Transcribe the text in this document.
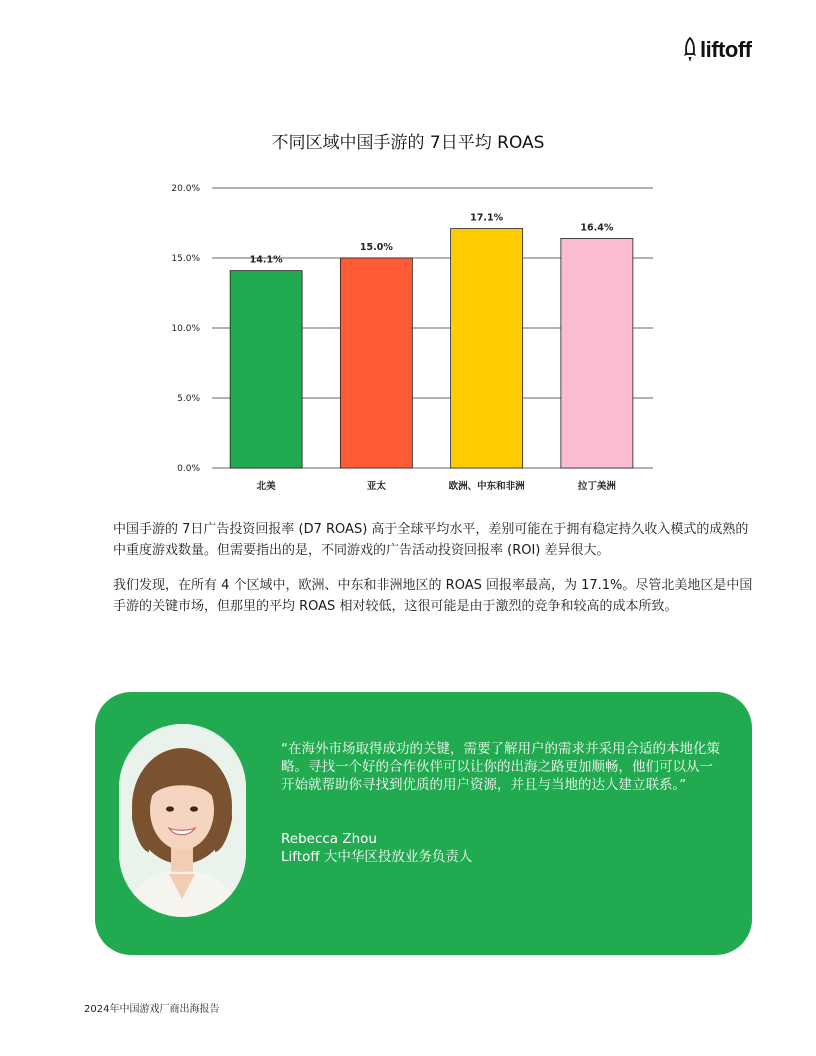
liftoff
不同区域中国手游的 7日平均 ROAS
0.0%
5.0%
10.0%
15.0%
20.0%
14.1%
北美
15.0%
亚太
17.1%
欧洲、中东和非洲
16.4%
拉丁美洲

中国手游的 7日广告投资回报率 (D7 ROAS) 高于全球平均水平，差别可能在于拥有稳定持久收入模式的成熟的中重度游戏数量。但需要指出的是，不同游戏的广告活动投资回报率 (ROI) 差异很大。

我们发现，在所有 4 个区域中，欧洲、中东和非洲地区的 ROAS 回报率最高，为 17.1%。尽管北美地区是中国手游的关键市场，但那里的平均 ROAS 相对较低，这很可能是由于激烈的竞争和较高的成本所致。

“在海外市场取得成功的关键，需要了解用户的需求并采用合适的本地化策略。寻找一个好的合作伙伴可以让你的出海之路更加顺畅，他们可以从一开始就帮助你寻找到优质的用户资源，并且与当地的达人建立联系。”

Rebecca Zhou
Liftoff 大中华区投放业务负责人
2024年中国游戏厂商出海报告
